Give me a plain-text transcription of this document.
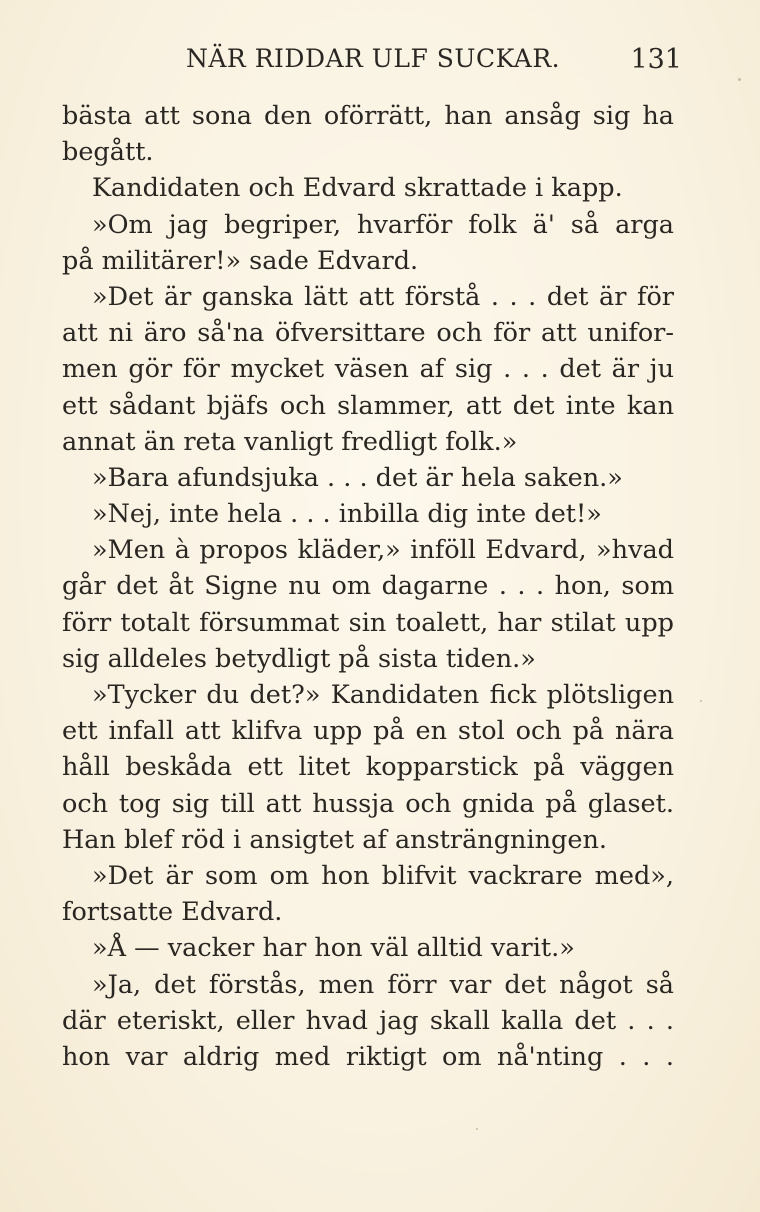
NÄR RIDDAR ULF SUCKAR.	131
bästa att sona den oförrätt, han ansåg sig ha
begått.
Kandidaten och Edvard skrattade i kapp.
»Om jag begriper, hvarför folk ä' så arga
på militärer!» sade Edvard.
»Det är ganska lätt att förstå . . . det är för
att ni äro så'na öfversittare och för att unifor-
men gör för mycket väsen af sig . . . det är ju
ett sådant bjäfs och slammer, att det inte kan
annat än reta vanligt fredligt folk.»
»Bara afundsjuka . . . det är hela saken.»
»Nej, inte hela . . . inbilla dig inte det!»
»Men à propos kläder,» inföll Edvard, »hvad
går det åt Signe nu om dagarne . . . hon, som
förr totalt försummat sin toalett, har stilat upp
sig alldeles betydligt på sista tiden.»
»Tycker du det?» Kandidaten fick plötsligen
ett infall att klifva upp på en stol och på nära
håll beskåda ett litet kopparstick på väggen
och tog sig till att hussja och gnida på glaset.
Han blef röd i ansigtet af ansträngningen.
»Det är som om hon blifvit vackrare med»,
fortsatte Edvard.
»Å — vacker har hon väl alltid varit.»
»Ja, det förstås, men förr var det något så
där eteriskt, eller hvad jag skall kalla det . . .
hon var aldrig med riktigt om nå'nting . . .
